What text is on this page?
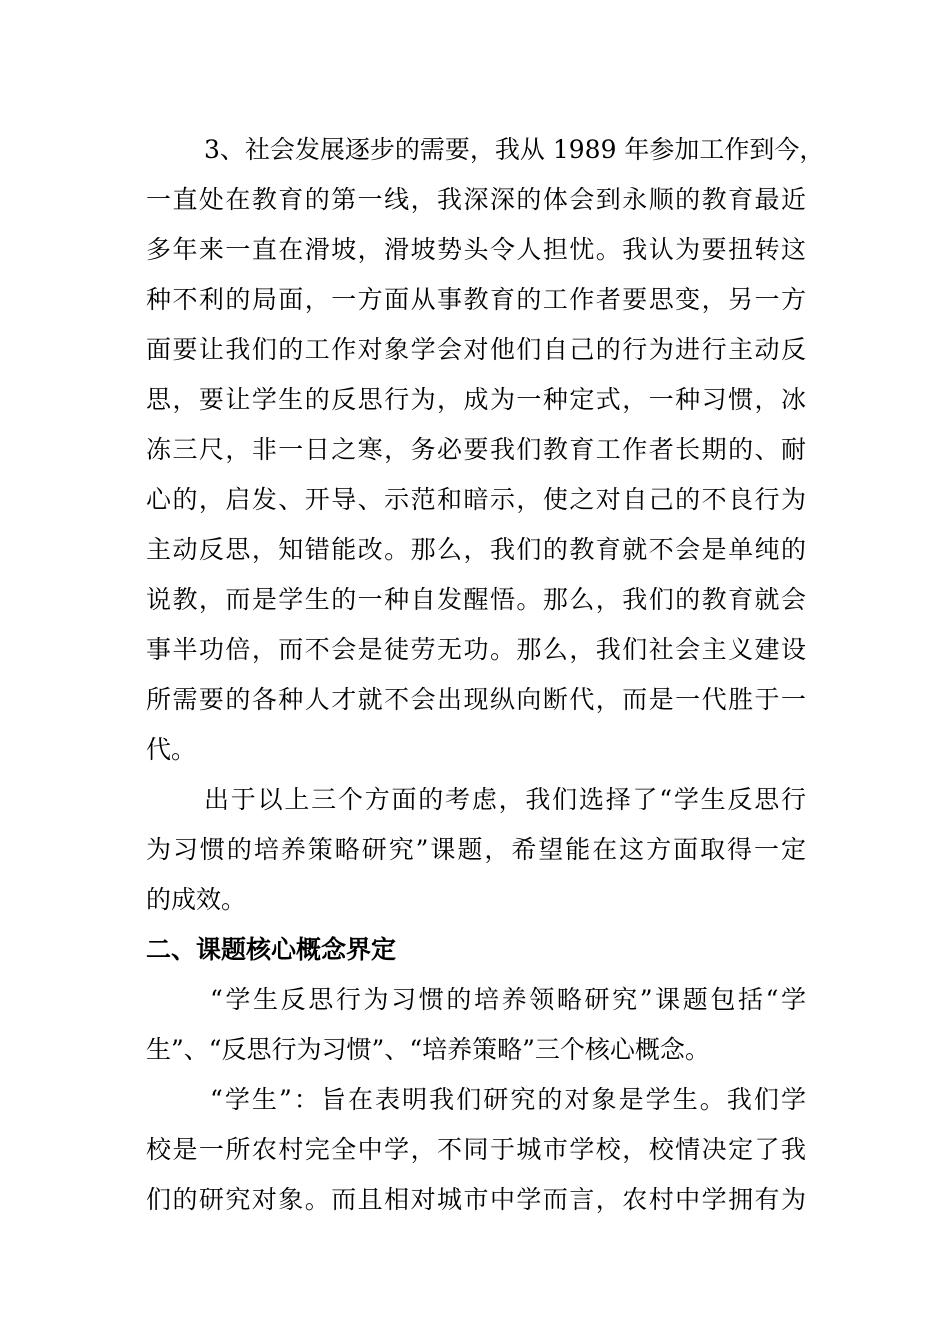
3、社会发展逐步的需要，我从 1989 年参加工作到今，
一直处在教育的第一线，我深深的体会到永顺的教育最近
多年来一直在滑坡，滑坡势头令人担忧。我认为要扭转这
种不利的局面，一方面从事教育的工作者要思变，另一方
面要让我们的工作对象学会对他们自己的行为进行主动反
思，要让学生的反思行为，成为一种定式，一种习惯，冰
冻三尺，非一日之寒，务必要我们教育工作者长期的、耐
心的，启发、开导、示范和暗示，使之对自己的不良行为
主动反思，知错能改。那么，我们的教育就不会是单纯的
说教，而是学生的一种自发醒悟。那么，我们的教育就会
事半功倍，而不会是徒劳无功。那么，我们社会主义建设
所需要的各种人才就不会出现纵向断代，而是一代胜于一
代。
出于以上三个方面的考虑，我们选择了“学生反思行
为习惯的培养策略研究”课题，希望能在这方面取得一定
的成效。
二、课题核心概念界定
“学生反思行为习惯的培养领略研究”课题包括“学
生”、“反思行为习惯”、“培养策略”三个核心概念。
“学生”：旨在表明我们研究的对象是学生。我们学
校是一所农村完全中学，不同于城市学校，校情决定了我
们的研究对象。而且相对城市中学而言，农村中学拥有为
